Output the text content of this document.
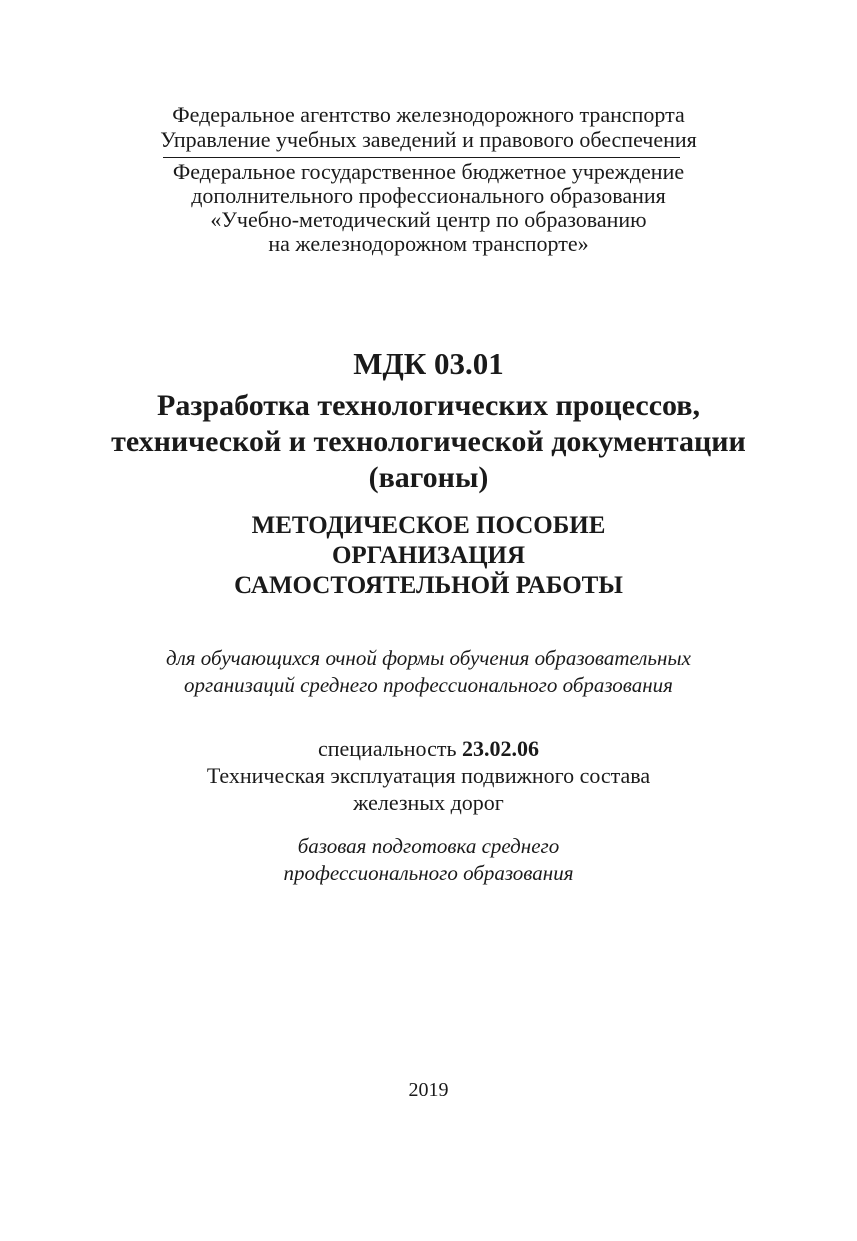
Федеральное агентство железнодорожного транспорта
Управление учебных заведений и правового обеспечения
Федеральное государственное бюджетное учреждение
дополнительного профессионального образования
«Учебно-методический центр по образованию
на железнодорожном транспорте»
МДК 03.01
Разработка технологических процессов,
технической и технологической документации
(вагоны)
МЕТОДИЧЕСКОЕ ПОСОБИЕ
ОРГАНИЗАЦИЯ
САМОСТОЯТЕЛЬНОЙ РАБОТЫ
для обучающихся очной формы обучения образовательных
организаций среднего профессионального образования
специальность 23.02.06
Техническая эксплуатация подвижного состава
железных дорог
базовая подготовка среднего
профессионального образования
2019
